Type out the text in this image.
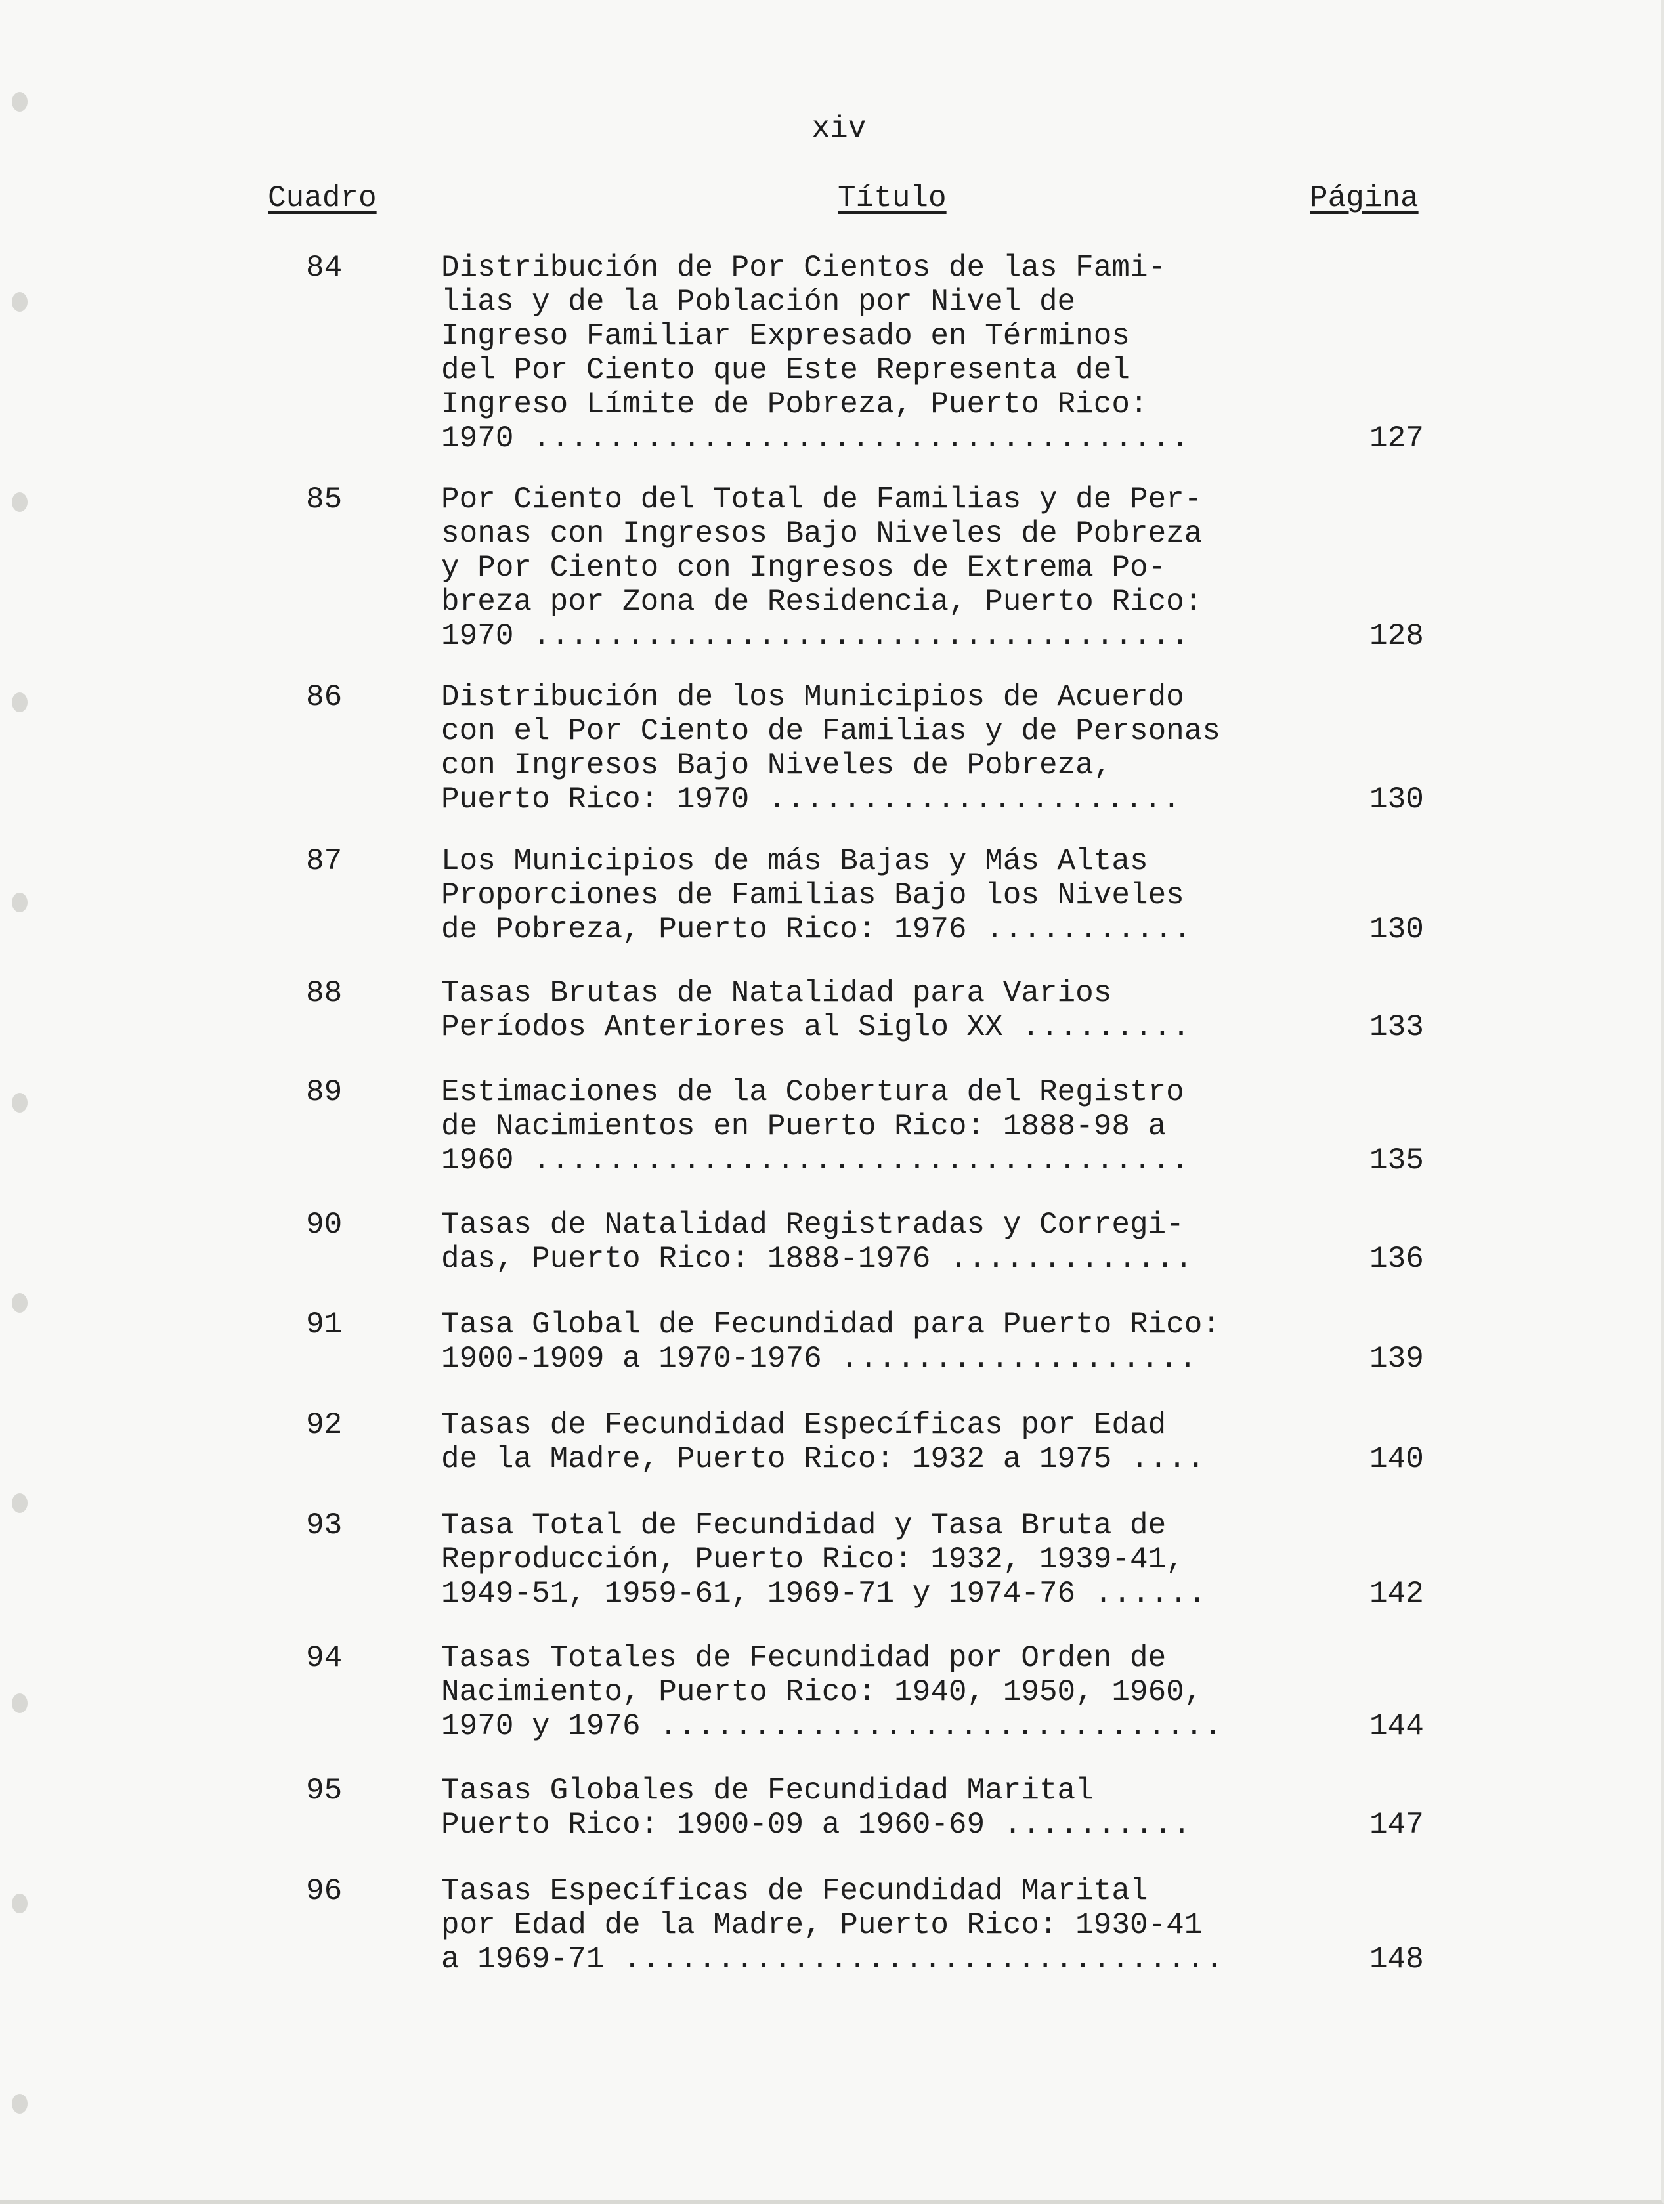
xiv
Cuadro	Título	Página
84	Distribución de Por Cientos de las Fami-
lias y de la Población por Nivel de
Ingreso Familiar Expresado en Términos
del Por Ciento que Este Representa del
Ingreso Límite de Pobreza, Puerto Rico:
1970 ...................................	127
85	Por Ciento del Total de Familias y de Per-
sonas con Ingresos Bajo Niveles de Pobreza
y Por Ciento con Ingresos de Extrema Po-
breza por Zona de Residencia, Puerto Rico:
1970 ...................................	128
86	Distribución de los Municipios de Acuerdo
con el Por Ciento de Familias y de Personas
con Ingresos Bajo Niveles de Pobreza,
Puerto Rico: 1970 ......................	130
87	Los Municipios de más Bajas y Más Altas
Proporciones de Familias Bajo los Niveles
de Pobreza, Puerto Rico: 1976 ...........	130
88	Tasas Brutas de Natalidad para Varios
Períodos Anteriores al Siglo XX .........	133
89	Estimaciones de la Cobertura del Registro
de Nacimientos en Puerto Rico: 1888-98 a
1960 ...................................	135
90	Tasas de Natalidad Registradas y Corregi-
das, Puerto Rico: 1888-1976 .............	136
91	Tasa Global de Fecundidad para Puerto Rico:
1900-1909 a 1970-1976 ...................	139
92	Tasas de Fecundidad Específicas por Edad
de la Madre, Puerto Rico: 1932 a 1975 ....	140
93	Tasa Total de Fecundidad y Tasa Bruta de
Reproducción, Puerto Rico: 1932, 1939-41,
1949-51, 1959-61, 1969-71 y 1974-76 ......	142
94	Tasas Totales de Fecundidad por Orden de
Nacimiento, Puerto Rico: 1940, 1950, 1960,
1970 y 1976 ..............................	144
95	Tasas Globales de Fecundidad Marital
Puerto Rico: 1900-09 a 1960-69 ..........	147
96	Tasas Específicas de Fecundidad Marital
por Edad de la Madre, Puerto Rico: 1930-41
a 1969-71 ................................	148
